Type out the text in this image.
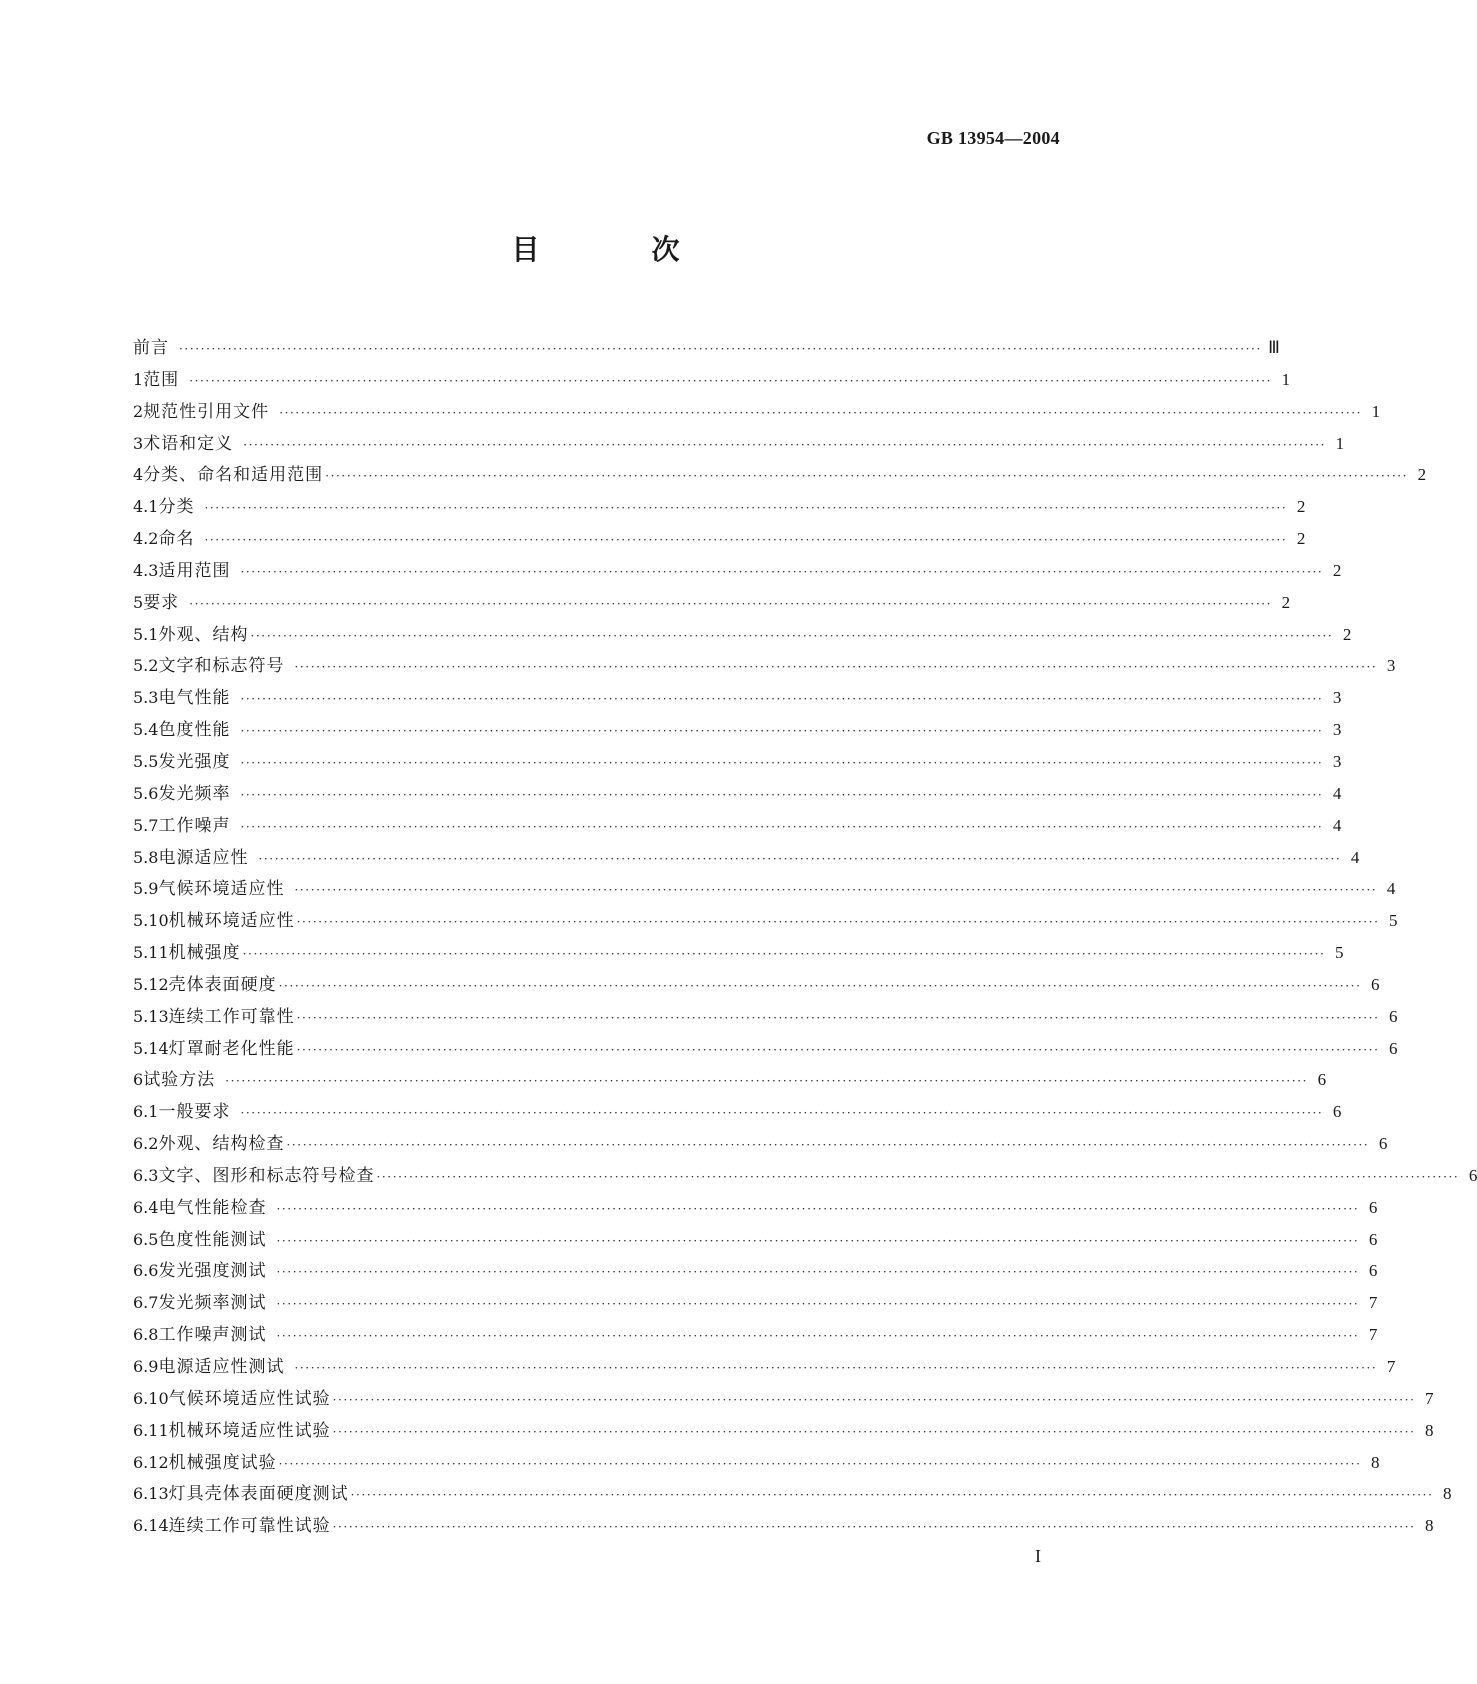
GB 13954—2004
目　次
前言 ········································································································································································································ Ⅲ
1 范围 ········································································································································································································ 1
2 规范性引用文件 ········································································································································································································ 1
3 术语和定义 ········································································································································································································ 1
4 分类、命名和适用范围 ········································································································································································································ 2
4.1 分类 ········································································································································································································ 2
4.2 命名 ········································································································································································································ 2
4.3 适用范围 ········································································································································································································ 2
5 要求 ········································································································································································································ 2
5.1 外观、结构 ········································································································································································································ 2
5.2 文字和标志符号 ········································································································································································································ 3
5.3 电气性能 ········································································································································································································ 3
5.4 色度性能 ········································································································································································································ 3
5.5 发光强度 ········································································································································································································ 3
5.6 发光频率 ········································································································································································································ 4
5.7 工作噪声 ········································································································································································································ 4
5.8 电源适应性 ········································································································································································································ 4
5.9 气候环境适应性 ········································································································································································································ 4
5.10 机械环境适应性 ········································································································································································································ 5
5.11 机械强度 ········································································································································································································ 5
5.12 壳体表面硬度 ········································································································································································································ 6
5.13 连续工作可靠性 ········································································································································································································ 6
5.14 灯罩耐老化性能 ········································································································································································································ 6
6 试验方法 ········································································································································································································ 6
6.1 一般要求 ········································································································································································································ 6
6.2 外观、结构检查 ········································································································································································································ 6
6.3 文字、图形和标志符号检查 ········································································································································································································ 6
6.4 电气性能检查 ········································································································································································································ 6
6.5 色度性能测试 ········································································································································································································ 6
6.6 发光强度测试 ········································································································································································································ 6
6.7 发光频率测试 ········································································································································································································ 7
6.8 工作噪声测试 ········································································································································································································ 7
6.9 电源适应性测试 ········································································································································································································ 7
6.10 气候环境适应性试验 ········································································································································································································ 7
6.11 机械环境适应性试验 ········································································································································································································ 8
6.12 机械强度试验 ········································································································································································································ 8
6.13 灯具壳体表面硬度测试 ········································································································································································································ 8
6.14 连续工作可靠性试验 ········································································································································································································ 8
I
